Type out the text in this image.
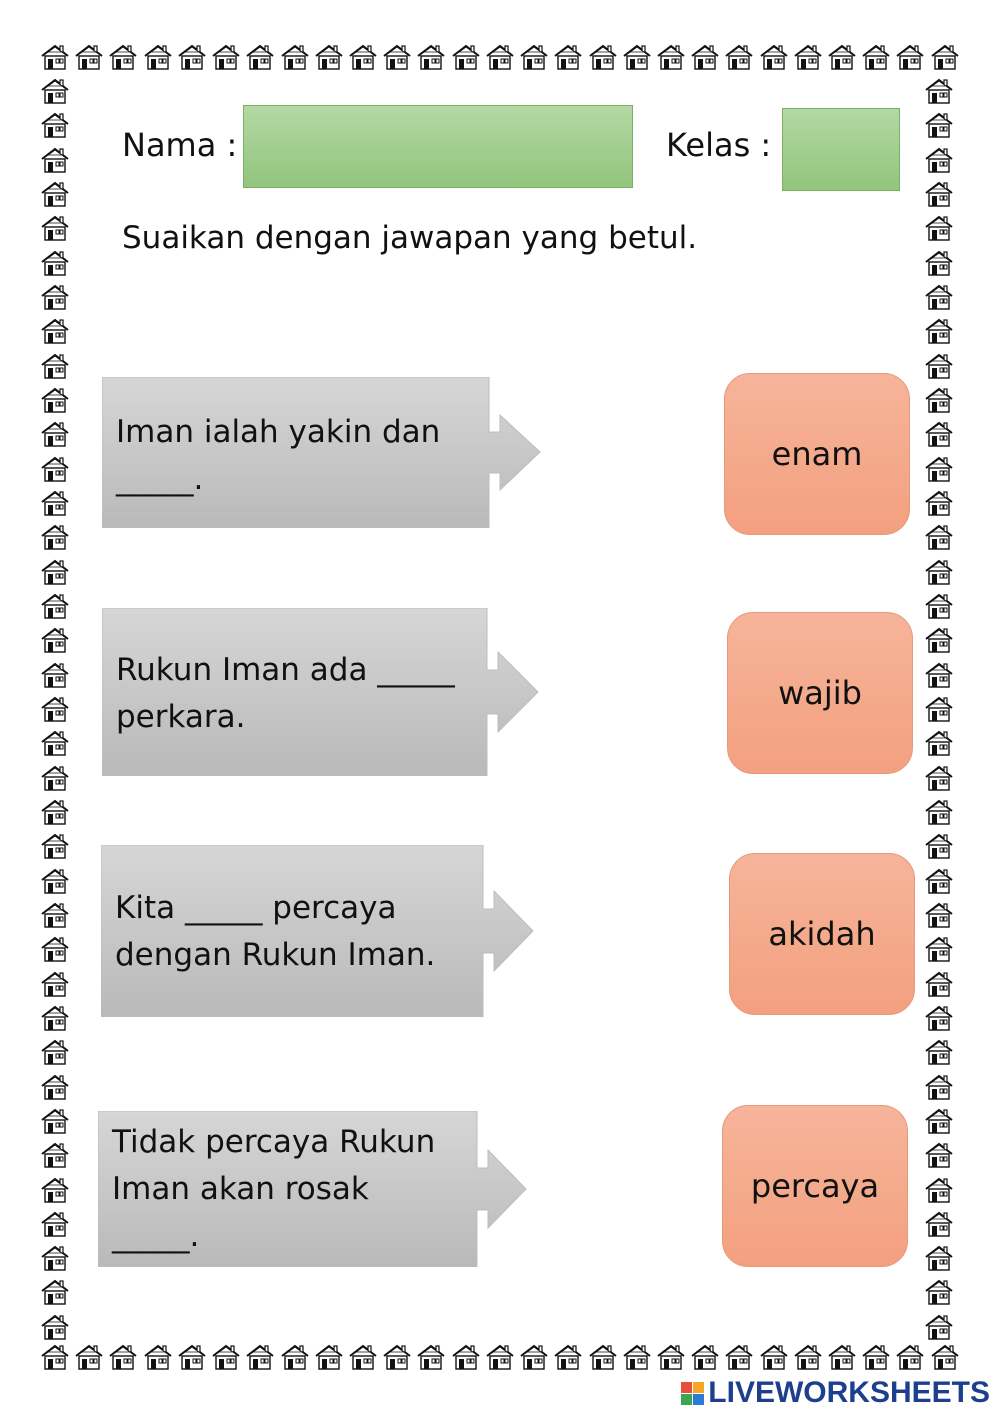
Nama :	Kelas :
Suaikan dengan jawapan yang betul.
Iman ialah yakin dan
_____.
Rukun Iman ada _____
perkara.
Kita _____ percaya
dengan Rukun Iman.
Tidak percaya Rukun
Iman akan rosak
_____.
enam
wajib
akidah
percaya
LIVEWORKSHEETS
